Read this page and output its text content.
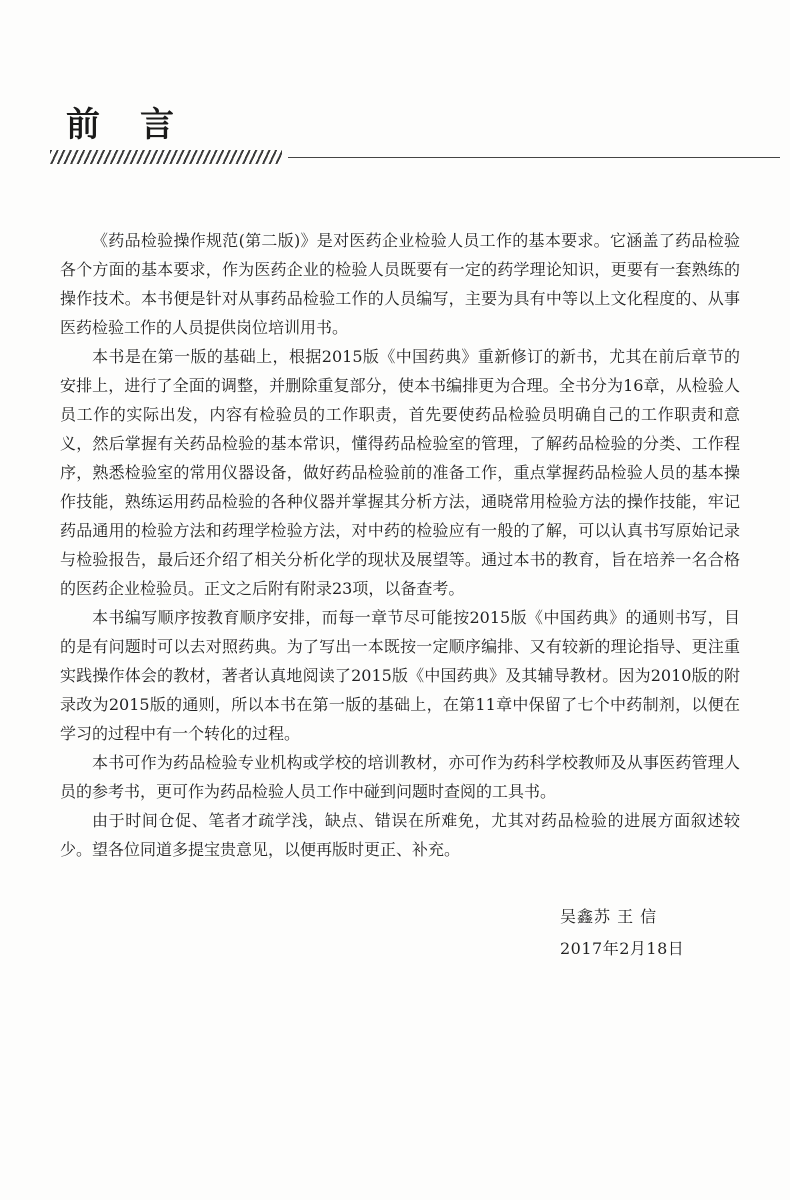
前言

《药品检验操作规范(第二版)》是对医药企业检验人员工作的基本要求。它涵盖了药品检验各个方面的基本要求，作为医药企业的检验人员既要有一定的药学理论知识，更要有一套熟练的操作技术。本书便是针对从事药品检验工作的人员编写，主要为具有中等以上文化程度的、从事医药检验工作的人员提供岗位培训用书。

本书是在第一版的基础上，根据2015版《中国药典》重新修订的新书，尤其在前后章节的安排上，进行了全面的调整，并删除重复部分，使本书编排更为合理。全书分为16章，从检验人员工作的实际出发，内容有检验员的工作职责，首先要使药品检验员明确自己的工作职责和意义，然后掌握有关药品检验的基本常识，懂得药品检验室的管理，了解药品检验的分类、工作程序，熟悉检验室的常用仪器设备，做好药品检验前的准备工作，重点掌握药品检验人员的基本操作技能，熟练运用药品检验的各种仪器并掌握其分析方法，通晓常用检验方法的操作技能，牢记药品通用的检验方法和药理学检验方法，对中药的检验应有一般的了解，可以认真书写原始记录与检验报告，最后还介绍了相关分析化学的现状及展望等。通过本书的教育，旨在培养一名合格的医药企业检验员。正文之后附有附录23项，以备查考。

本书编写顺序按教育顺序安排，而每一章节尽可能按2015版《中国药典》的通则书写，目的是有问题时可以去对照药典。为了写出一本既按一定顺序编排、又有较新的理论指导、更注重实践操作体会的教材，著者认真地阅读了2015版《中国药典》及其辅导教材。因为2010版的附录改为2015版的通则，所以本书在第一版的基础上，在第11章中保留了七个中药制剂，以便在学习的过程中有一个转化的过程。

本书可作为药品检验专业机构或学校的培训教材，亦可作为药科学校教师及从事医药管理人员的参考书，更可作为药品检验人员工作中碰到问题时查阅的工具书。

由于时间仓促、笔者才疏学浅，缺点、错误在所难免，尤其对药品检验的进展方面叙述较少。望各位同道多提宝贵意见，以便再版时更正、补充。

吴鑫苏 王 信
2017年2月18日
